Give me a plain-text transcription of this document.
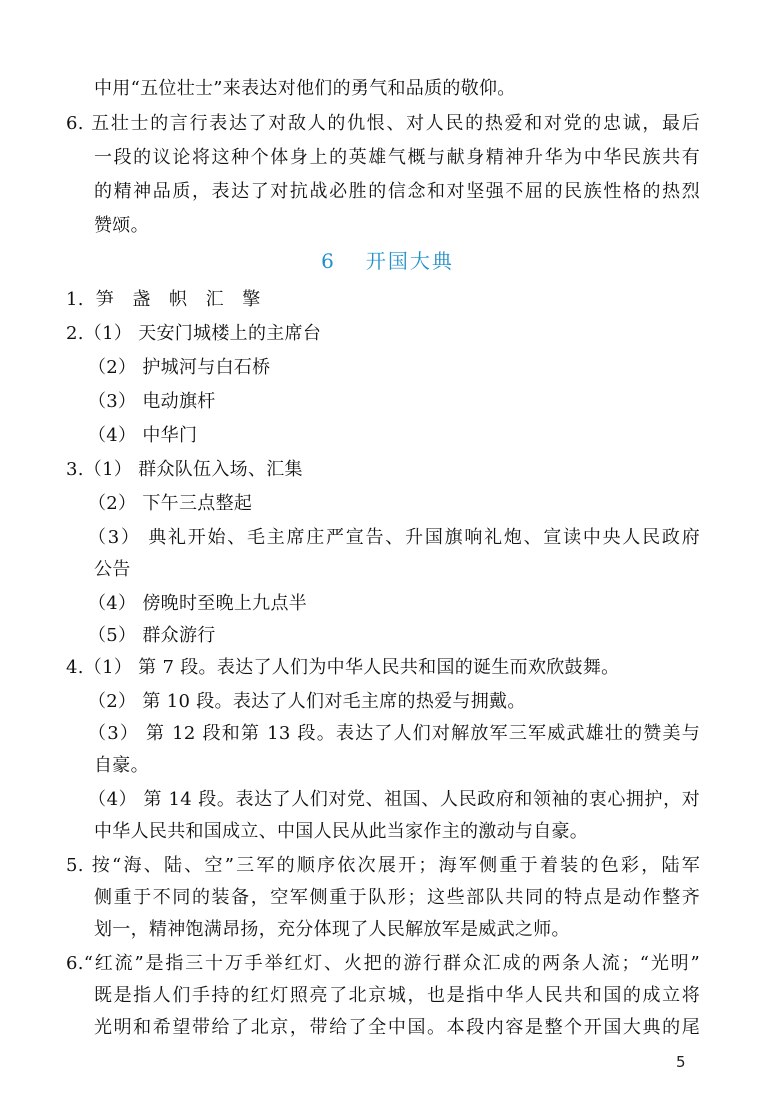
中用“五位壮士”来表达对他们的勇气和品质的敬仰。
6. 五壮士的言行表达了对敌人的仇恨、对人民的热爱和对党的忠诚，最后
一段的议论将这种个体身上的英雄气概与献身精神升华为中华民族共有
的精神品质，表达了对抗战必胜的信念和对坚强不屈的民族性格的热烈
赞颂。
6 开国大典
1. 笋　盏　帜　汇　擎
2.（1） 天安门城楼上的主席台
（2） 护城河与白石桥
（3） 电动旗杆
（4） 中华门
3.（1） 群众队伍入场、汇集
（2） 下午三点整起
（3） 典礼开始、毛主席庄严宣告、升国旗响礼炮、宣读中央人民政府
公告
（4） 傍晚时至晚上九点半
（5） 群众游行
4.（1） 第 7 段。表达了人们为中华人民共和国的诞生而欢欣鼓舞。
（2） 第 10 段。表达了人们对毛主席的热爱与拥戴。
（3） 第 12 段和第 13 段。表达了人们对解放军三军威武雄壮的赞美与
自豪。
（4） 第 14 段。表达了人们对党、祖国、人民政府和领袖的衷心拥护，对
中华人民共和国成立、中国人民从此当家作主的激动与自豪。
5. 按“海、陆、空”三军的顺序依次展开；海军侧重于着装的色彩，陆军
侧重于不同的装备，空军侧重于队形；这些部队共同的特点是动作整齐
划一，精神饱满昂扬，充分体现了人民解放军是威武之师。
6.“红流”是指三十万手举红灯、火把的游行群众汇成的两条人流；“光明”
既是指人们手持的红灯照亮了北京城，也是指中华人民共和国的成立将
光明和希望带给了北京，带给了全中国。本段内容是整个开国大典的尾
5
